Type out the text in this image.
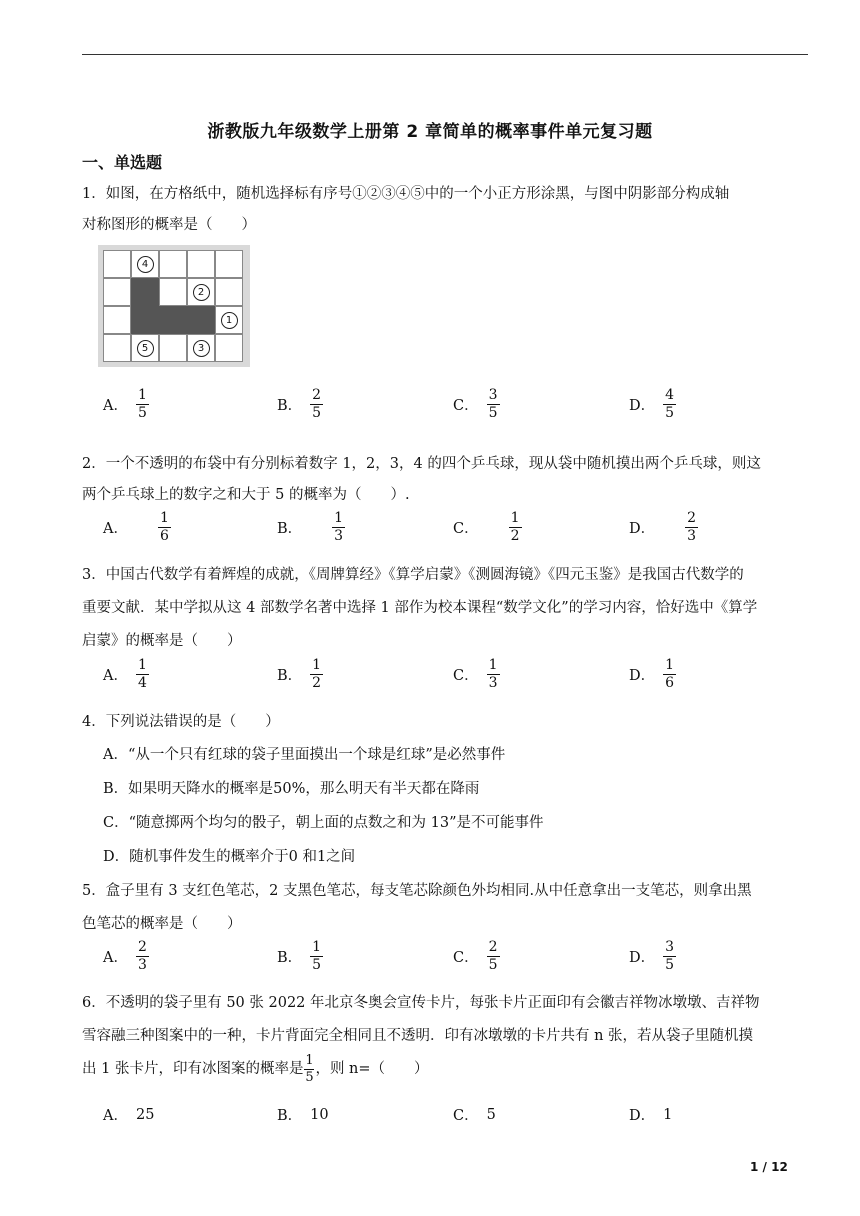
浙教版九年级数学上册第 2 章简单的概率事件单元复习题
一、单选题
1．如图，在方格纸中，随机选择标有序号①②③④⑤中的一个小正方形涂黑，与图中阴影部分构成轴
对称图形的概率是（　　）
4
2
1
5	3
A． $\frac{1}{5}$	B． $\frac{2}{5}$	C． $\frac{3}{5}$	D． $\frac{4}{5}$
2．一个不透明的布袋中有分别标着数字 1，2，3，4 的四个乒乓球，现从袋中随机摸出两个乒乓球，则这
两个乒乓球上的数字之和大于 5 的概率为（　　）.
A． $\frac{1}{6}$	B． $\frac{1}{3}$	C． $\frac{1}{2}$	D． $\frac{2}{3}$
3．中国古代数学有着辉煌的成就，《周牌算经》《算学启蒙》《测圆海镜》《四元玉鉴》是我国古代数学的
重要文献．某中学拟从这 4 部数学名著中选择 1 部作为校本课程“数学文化”的学习内容，恰好选中《算学
启蒙》的概率是（　　）
A． $\frac{1}{4}$	B． $\frac{1}{2}$	C． $\frac{1}{3}$	D． $\frac{1}{6}$
4．下列说法错误的是（　　）
A．“从一个只有红球的袋子里面摸出一个球是红球”是必然事件
B．如果明天降水的概率是50%，那么明天有半天都在降雨
C．“随意掷两个均匀的骰子，朝上面的点数之和为 13”是不可能事件
D．随机事件发生的概率介于0 和1之间
5．盒子里有 3 支红色笔芯，2 支黑色笔芯，每支笔芯除颜色外均相同.从中任意拿出一支笔芯，则拿出黑
色笔芯的概率是（　　）
A． $\frac{2}{3}$	B． $\frac{1}{5}$	C． $\frac{2}{5}$	D． $\frac{3}{5}$
6．不透明的袋子里有 50 张 2022 年北京冬奥会宣传卡片，每张卡片正面印有会徽吉祥物冰墩墩、吉祥物
雪容融三种图案中的一种，卡片背面完全相同且不透明．印有冰墩墩的卡片共有 n 张，若从袋子里随机摸
出 1 张卡片，印有冰图案的概率是 $\frac{1}{5}$ ，则 n=（　　）
A． 25	B． 10	C． 5	D． 1
1 / 12
